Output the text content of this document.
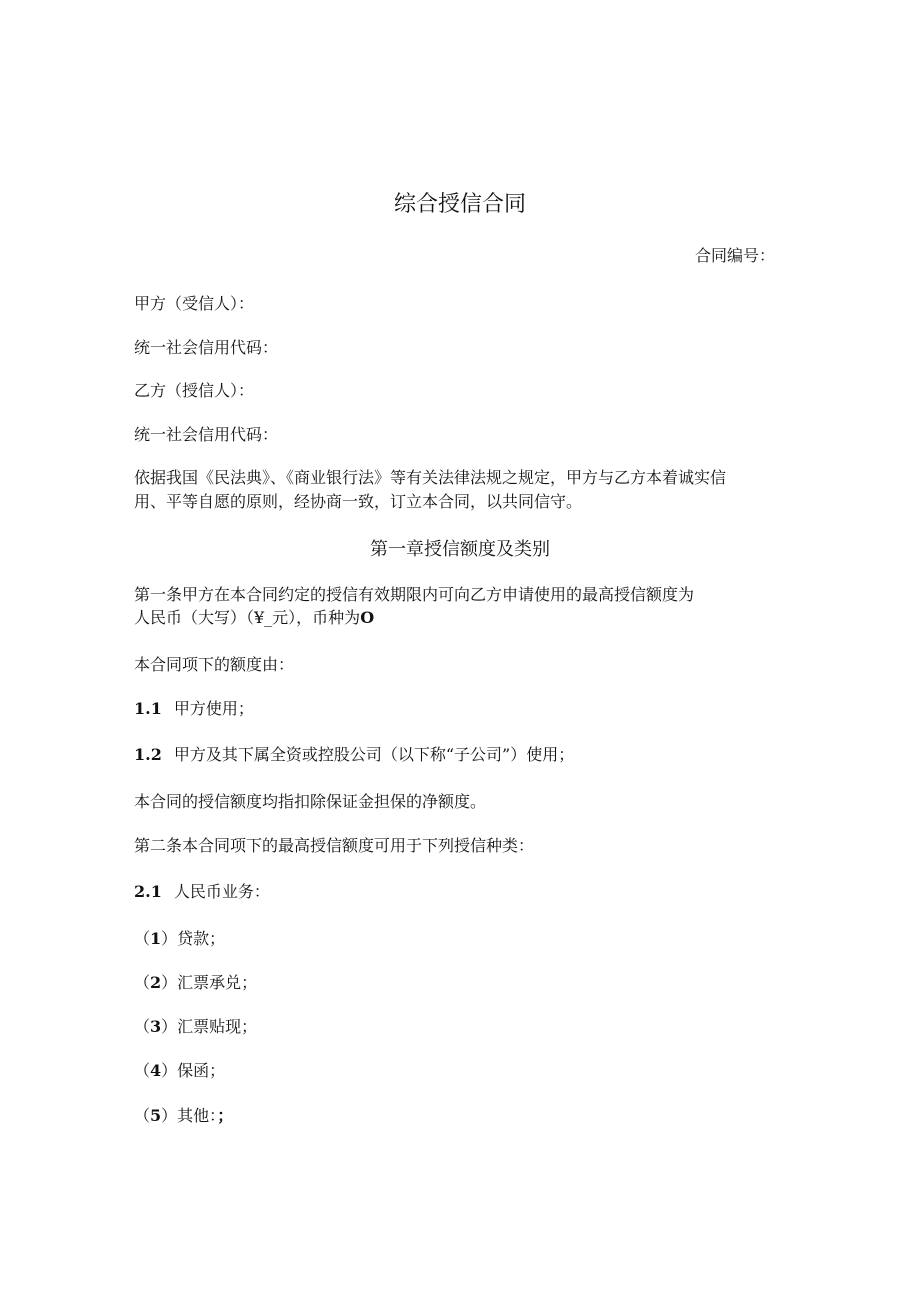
综合授信合同
合同编号：
甲方（受信人）：
统一社会信用代码：
乙方（授信人）：
统一社会信用代码：
依据我国《民法典》、《商业银行法》等有关法律法规之规定，甲方与乙方本着诚实信
用、平等自愿的原则，经协商一致，订立本合同，以共同信守。
第一章授信额度及类别
第一条甲方在本合同约定的授信有效期限内可向乙方申请使用的最高授信额度为
人民币（大写）（¥_元），币种为O
本合同项下的额度由：
1.1 甲方使用；
1.2 甲方及其下属全资或控股公司（以下称“子公司”）使用；
本合同的授信额度均指扣除保证金担保的净额度。
第二条本合同项下的最高授信额度可用于下列授信种类：
2.1 人民币业务：
（1）贷款；
（2）汇票承兑；
（3）汇票贴现；
（4）保函；
（5）其他：；
